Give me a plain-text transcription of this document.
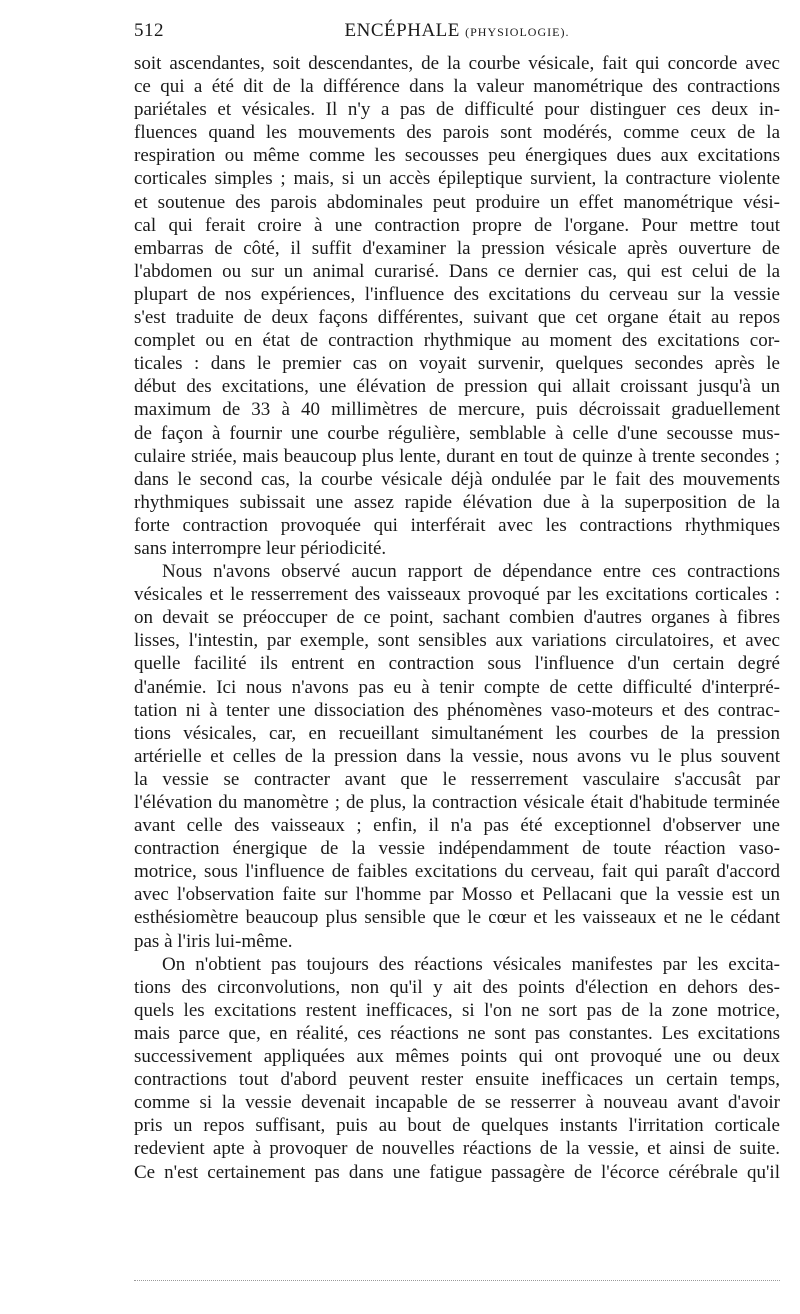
512	ENCÉPHALE (PHYSIOLOGIE).
soit ascendantes, soit descendantes, de la courbe vésicale, fait qui concorde avec
ce qui a été dit de la différence dans la valeur manométrique des contractions
pariétales et vésicales. Il n'y a pas de difficulté pour distinguer ces deux in-
fluences quand les mouvements des parois sont modérés, comme ceux de la
respiration ou même comme les secousses peu énergiques dues aux excitations
corticales simples ; mais, si un accès épileptique survient, la contracture violente
et soutenue des parois abdominales peut produire un effet manométrique vési-
cal qui ferait croire à une contraction propre de l'organe. Pour mettre tout
embarras de côté, il suffit d'examiner la pression vésicale après ouverture de
l'abdomen ou sur un animal curarisé. Dans ce dernier cas, qui est celui de la
plupart de nos expériences, l'influence des excitations du cerveau sur la vessie
s'est traduite de deux façons différentes, suivant que cet organe était au repos
complet ou en état de contraction rhythmique au moment des excitations cor-
ticales : dans le premier cas on voyait survenir, quelques secondes après le
début des excitations, une élévation de pression qui allait croissant jusqu'à un
maximum de 33 à 40 millimètres de mercure, puis décroissait graduellement
de façon à fournir une courbe régulière, semblable à celle d'une secousse mus-
culaire striée, mais beaucoup plus lente, durant en tout de quinze à trente secondes ;
dans le second cas, la courbe vésicale déjà ondulée par le fait des mouvements
rhythmiques subissait une assez rapide élévation due à la superposition de la
forte contraction provoquée qui interférait avec les contractions rhythmiques
sans interrompre leur périodicité.
Nous n'avons observé aucun rapport de dépendance entre ces contractions
vésicales et le resserrement des vaisseaux provoqué par les excitations corticales :
on devait se préoccuper de ce point, sachant combien d'autres organes à fibres
lisses, l'intestin, par exemple, sont sensibles aux variations circulatoires, et avec
quelle facilité ils entrent en contraction sous l'influence d'un certain degré
d'anémie. Ici nous n'avons pas eu à tenir compte de cette difficulté d'interpré-
tation ni à tenter une dissociation des phénomènes vaso-moteurs et des contrac-
tions vésicales, car, en recueillant simultanément les courbes de la pression
artérielle et celles de la pression dans la vessie, nous avons vu le plus souvent
la vessie se contracter avant que le resserrement vasculaire s'accusât par
l'élévation du manomètre ; de plus, la contraction vésicale était d'habitude terminée
avant celle des vaisseaux ; enfin, il n'a pas été exceptionnel d'observer une
contraction énergique de la vessie indépendamment de toute réaction vaso-
motrice, sous l'influence de faibles excitations du cerveau, fait qui paraît d'accord
avec l'observation faite sur l'homme par Mosso et Pellacani que la vessie est un
esthésiomètre beaucoup plus sensible que le cœur et les vaisseaux et ne le cédant
pas à l'iris lui-même.
On n'obtient pas toujours des réactions vésicales manifestes par les excita-
tions des circonvolutions, non qu'il y ait des points d'élection en dehors des-
quels les excitations restent inefficaces, si l'on ne sort pas de la zone motrice,
mais parce que, en réalité, ces réactions ne sont pas constantes. Les excitations
successivement appliquées aux mêmes points qui ont provoqué une ou deux
contractions tout d'abord peuvent rester ensuite inefficaces un certain temps,
comme si la vessie devenait incapable de se resserrer à nouveau avant d'avoir
pris un repos suffisant, puis au bout de quelques instants l'irritation corticale
redevient apte à provoquer de nouvelles réactions de la vessie, et ainsi de suite.
Ce n'est certainement pas dans une fatigue passagère de l'écorce cérébrale qu'il
